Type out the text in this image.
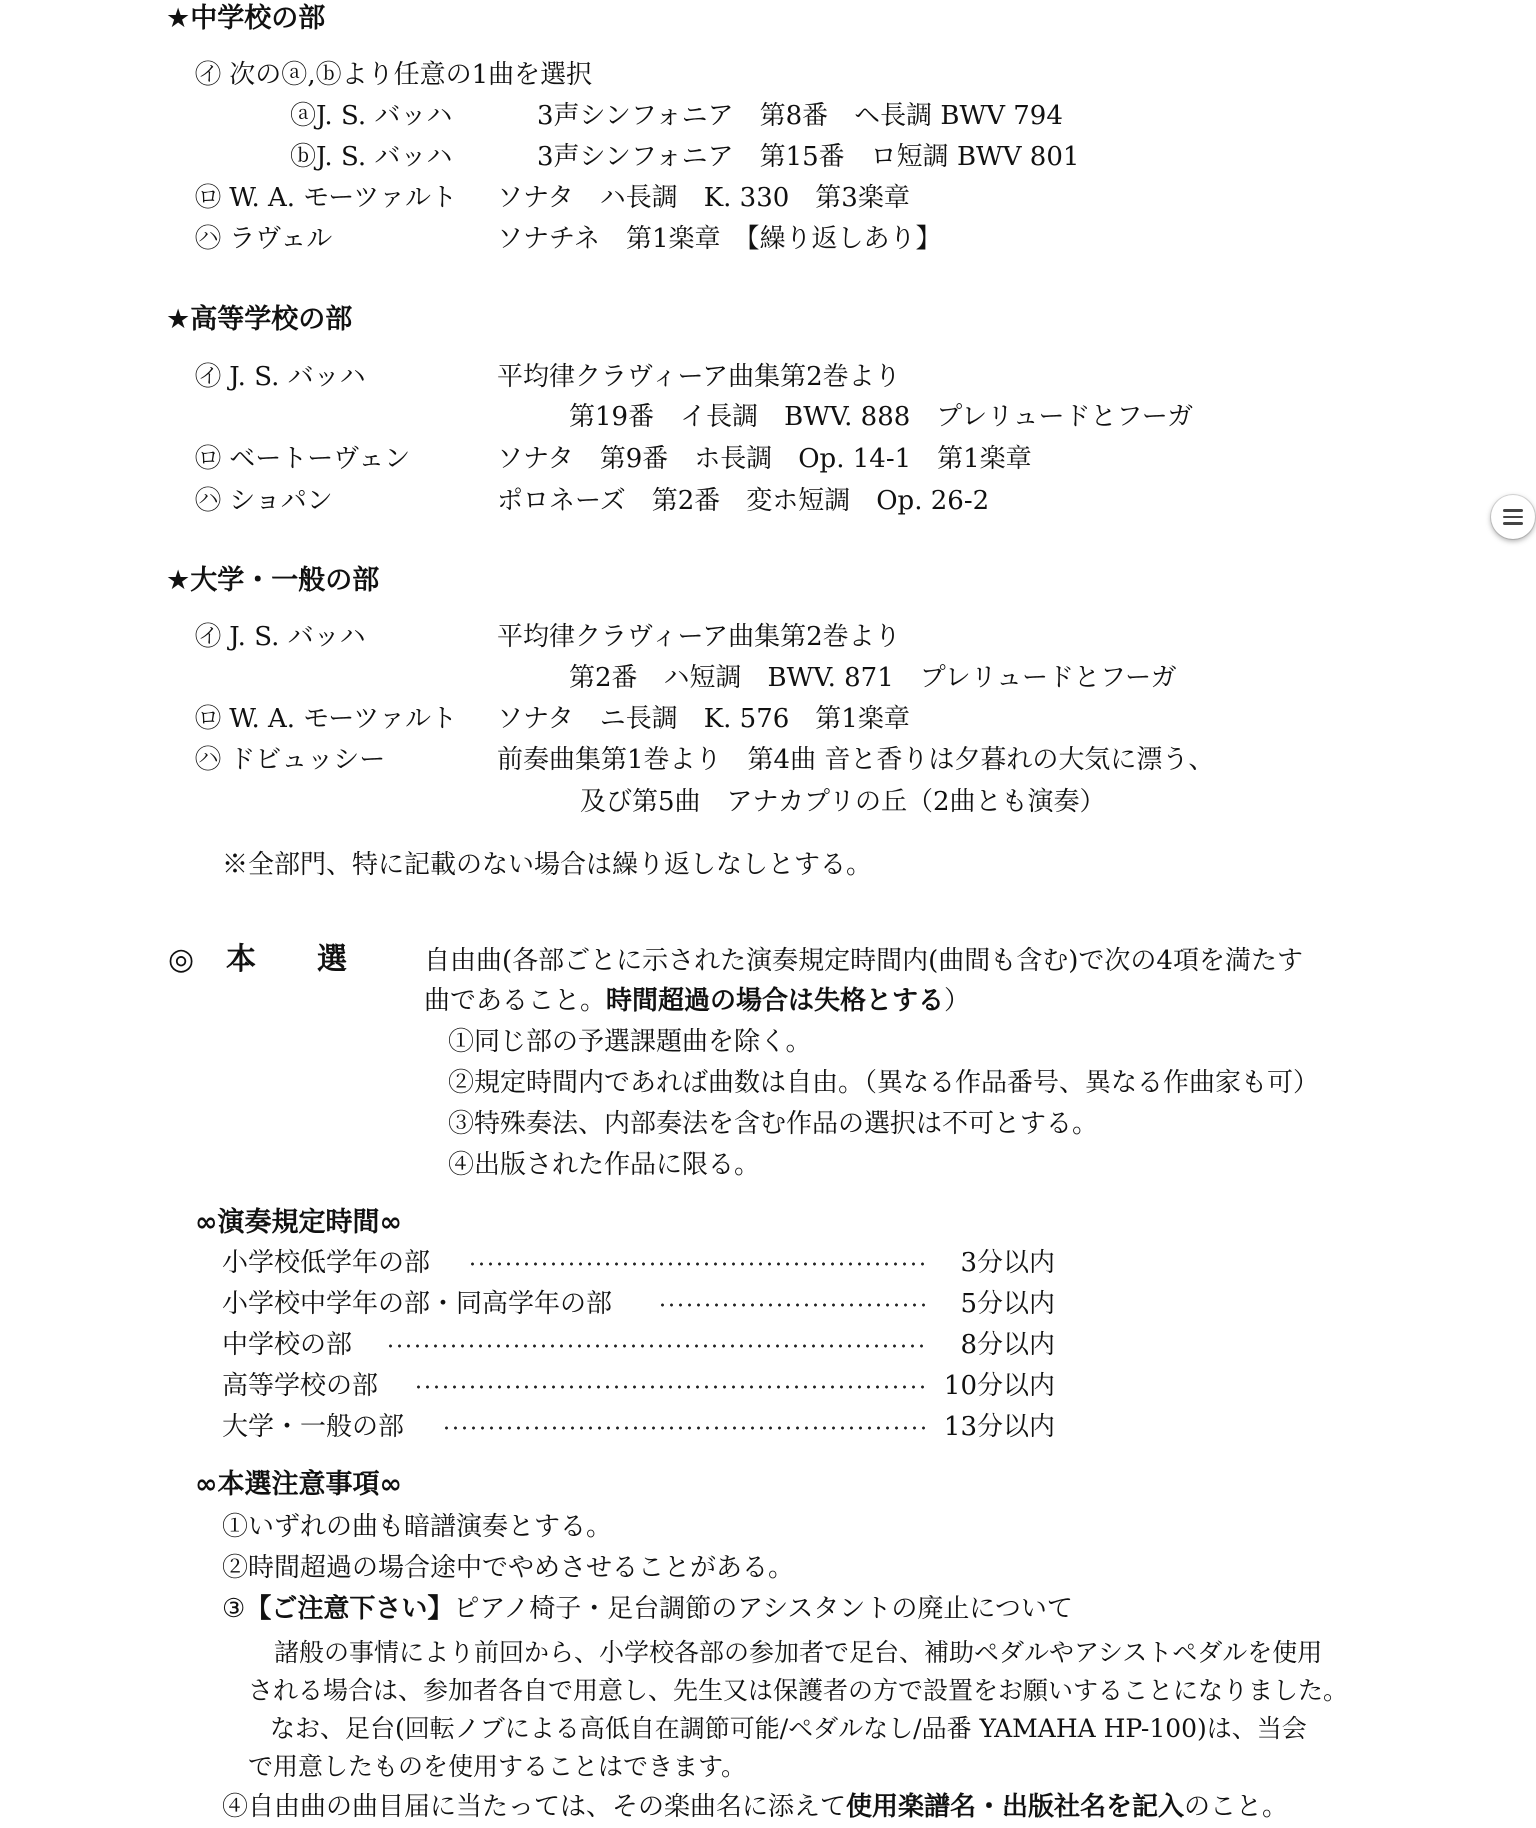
★中学校の部
㋑ 次のⓐ,ⓑより任意の1曲を選択
ⓐJ. S. バッハ	3声シンフォニア　第8番　ヘ長調 BWV 794
ⓑJ. S. バッハ	3声シンフォニア　第15番　ロ短調 BWV 801
㋺ W. A. モーツァルト ソナタ　ハ長調　K. 330　第3楽章
㋩ ラヴェル	ソナチネ　第1楽章　【繰り返しあり】
★高等学校の部
㋑ J. S. バッハ	平均律クラヴィーア曲集第2巻より
第19番　イ長調　BWV. 888　プレリュードとフーガ
㋺ ベートーヴェン	ソナタ　第9番　ホ長調　Op. 14-1　第1楽章
㋩ ショパン	ポロネーズ　第2番　変ホ短調　Op. 26-2
★大学・一般の部
㋑ J. S. バッハ	平均律クラヴィーア曲集第2巻より
第2番　ハ短調　BWV. 871　プレリュードとフーガ
㋺ W. A. モーツァルト ソナタ　ニ長調　K. 576　第1楽章
㋩ ドビュッシー	前奏曲集第1巻より　第4曲 音と香りは夕暮れの大気に漂う、
及び第5曲　アナカプリの丘（2曲とも演奏）
※全部門、特に記載のない場合は繰り返しなしとする。
◎ 本 選	自由曲(各部ごとに示された演奏規定時間内(曲間も含む)で次の4項を満たす
曲であること。時間超過の場合は失格とする）
①同じ部の予選課題曲を除く。
②規定時間内であれば曲数は自由。（異なる作品番号、異なる作曲家も可）
③特殊奏法、内部奏法を含む作品の選択は不可とする。
④出版された作品に限る。
∞演奏規定時間∞
小学校低学年の部	3分以内
小学校中学年の部・同高学年の部	5分以内
中学校の部	8分以内
高等学校の部	10分以内
大学・一般の部	13分以内
∞本選注意事項∞
①いずれの曲も暗譜演奏とする。
②時間超過の場合途中でやめさせることがある。
③【ご注意下さい】ピアノ椅子・足台調節のアシスタントの廃止について
諸般の事情により前回から、小学校各部の参加者で足台、補助ペダルやアシストペダルを使用
される場合は、参加者各自で用意し、先生又は保護者の方で設置をお願いすることになりました。
なお、足台(回転ノブによる高低自在調節可能/ペダルなし/品番 YAMAHA HP-100)は、当会
で用意したものを使用することはできます。
④自由曲の曲目届に当たっては、その楽曲名に添えて使用楽譜名・出版社名を記入のこと。
